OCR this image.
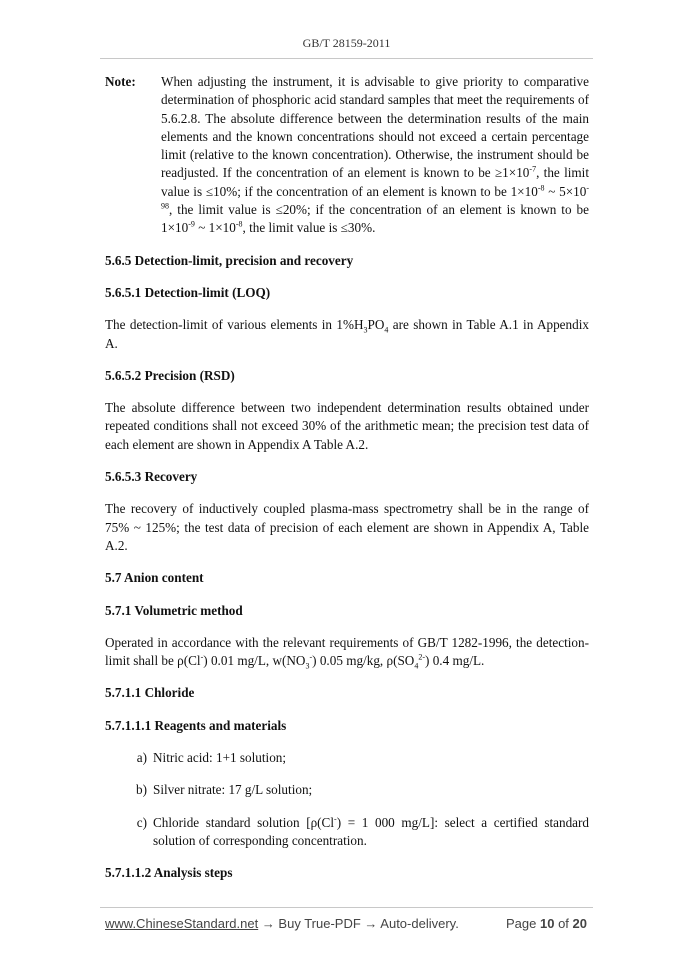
GB/T 28159-2011
Note:	When adjusting the instrument, it is advisable to give priority to comparative determination of phosphoric acid standard samples that meet the requirements of 5.6.2.8. The absolute difference between the determination results of the main elements and the known concentrations should not exceed a certain percentage limit (relative to the known concentration). Otherwise, the instrument should be readjusted. If the concentration of an element is known to be $\ge 1\times 10^{-7}$, the limit value is ≤10%; if the concentration of an element is known to be $1\times 10^{-8}$ ~ $5\times 10^{-98}$, the limit value is ≤20%; if the concentration of an element is known to be $1\times 10^{-9}$ ~ $1\times 10^{-8}$, the limit value is ≤30%.
5.6.5 Detection-limit, precision and recovery
5.6.5.1 Detection-limit (LOQ)
The detection-limit of various elements in $1\%H_3PO_4$ are shown in Table A.1 in Appendix A.
5.6.5.2 Precision (RSD)
The absolute difference between two independent determination results obtained under repeated conditions shall not exceed 30% of the arithmetic mean; the precision test data of each element are shown in Appendix A Table A.2.
5.6.5.3 Recovery
The recovery of inductively coupled plasma-mass spectrometry shall be in the range of 75% ~ 125%; the test data of precision of each element are shown in Appendix A, Table A.2.
5.7 Anion content
5.7.1 Volumetric method
Operated in accordance with the relevant requirements of GB/T 1282-1996, the detection-limit shall be ρ(Cl-) 0.01 mg/L, $w(NO_3^-)$ 0.05 mg/kg, $\rho(SO_4^{2-})$ 0.4 mg/L.
5.7.1.1 Chloride
5.7.1.1.1 Reagents and materials
a) Nitric acid: 1+1 solution;
b) Silver nitrate: 17 g/L solution;
c) Chloride standard solution [ρ(Cl-) = 1 000 mg/L]: select a certified standard solution of corresponding concentration.
5.7.1.1.2 Analysis steps
www.ChineseStandard.net → Buy True-PDF → Auto-delivery.	Page 10 of 20
